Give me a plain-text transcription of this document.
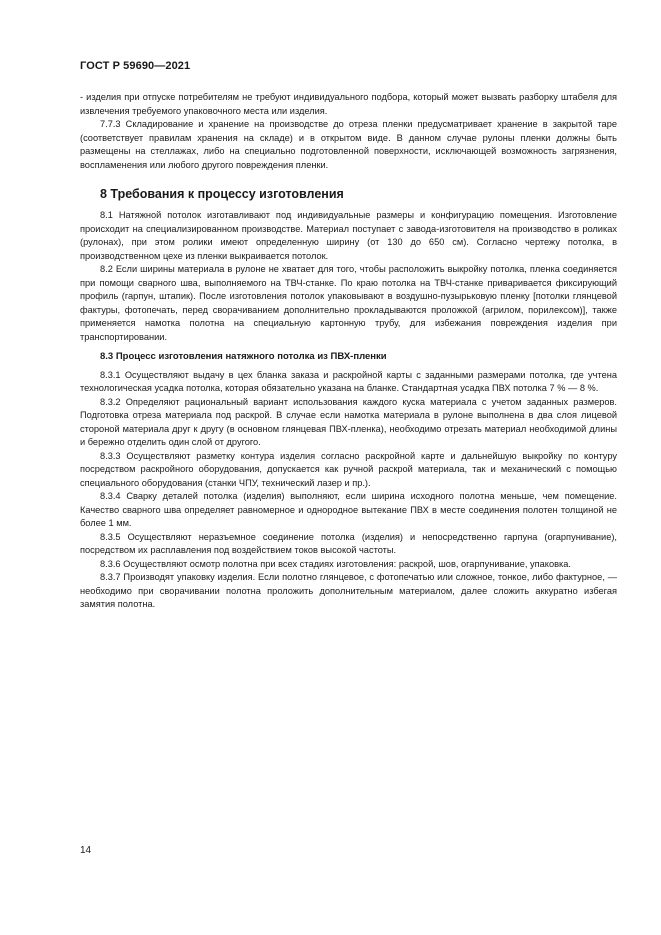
ГОСТ Р 59690—2021

- изделия при отпуске потребителям не требуют индивидуального подбора, который может вызвать разборку штабеля для извлечения требуемого упаковочного места или изделия.

7.7.3 Складирование и хранение на производстве до отреза пленки предусматривает хранение в закрытой таре (соответствует правилам хранения на складе) и в открытом виде. В данном случае рулоны пленки должны быть размещены на стеллажах, либо на специально подготовленной поверхности, исключающей возможность загрязнения, воспламенения или любого другого повреждения пленки.

8 Требования к процессу изготовления

8.1 Натяжной потолок изготавливают под индивидуальные размеры и конфигурацию помещения. Изготовление происходит на специализированном производстве. Материал поступает с завода-изготовителя на производство в роликах (рулонах), при этом ролики имеют определенную ширину (от 130 до 650 см). Согласно чертежу потолка, в производственном цехе из пленки выкраивается потолок.

8.2 Если ширины материала в рулоне не хватает для того, чтобы расположить выкройку потолка, пленка соединяется при помощи сварного шва, выполняемого на ТВЧ-станке. По краю потолка на ТВЧ-станке приваривается фиксирующий профиль (гарпун, штапик). После изготовления потолок упаковывают в воздушно-пузырьковую пленку [потолки глянцевой фактуры, фотопечать, перед сворачиванием дополнительно прокладываются проложкой (агрилом, порилексом)], также применяется намотка полотна на специальную картонную трубу, для избежания повреждения изделия при транспортировании.

8.3 Процесс изготовления натяжного потолка из ПВХ-пленки

8.3.1 Осуществляют выдачу в цех бланка заказа и раскройной карты с заданными размерами потолка, где учтена технологическая усадка потолка, которая обязательно указана на бланке. Стандартная усадка ПВХ потолка 7 % — 8 %.

8.3.2 Определяют рациональный вариант использования каждого куска материала с учетом заданных размеров. Подготовка отреза материала под раскрой. В случае если намотка материала в рулоне выполнена в два слоя лицевой стороной материала друг к другу (в основном глянцевая ПВХ-пленка), необходимо отрезать материал необходимой длины и бережно отделить один слой от другого.

8.3.3 Осуществляют разметку контура изделия согласно раскройной карте и дальнейшую выкройку по контуру посредством раскройного оборудования, допускается как ручной раскрой материала, так и механический с помощью специального оборудования (станки ЧПУ, технический лазер и пр.).

8.3.4 Сварку деталей потолка (изделия) выполняют, если ширина исходного полотна меньше, чем помещение. Качество сварного шва определяет равномерное и однородное вытекание ПВХ в месте соединения полотен толщиной не более 1 мм.

8.3.5 Осуществляют неразъемное соединение потолка (изделия) и непосредственно гарпуна (огарпунивание), посредством их расплавления под воздействием токов высокой частоты.

8.3.6 Осуществляют осмотр полотна при всех стадиях изготовления: раскрой, шов, огарпунивание, упаковка.

8.3.7 Производят упаковку изделия. Если полотно глянцевое, с фотопечатью или сложное, тонкое, либо фактурное, — необходимо при сворачивании полотна проложить дополнительным материалом, далее сложить аккуратно избегая замятия полотна.

14
